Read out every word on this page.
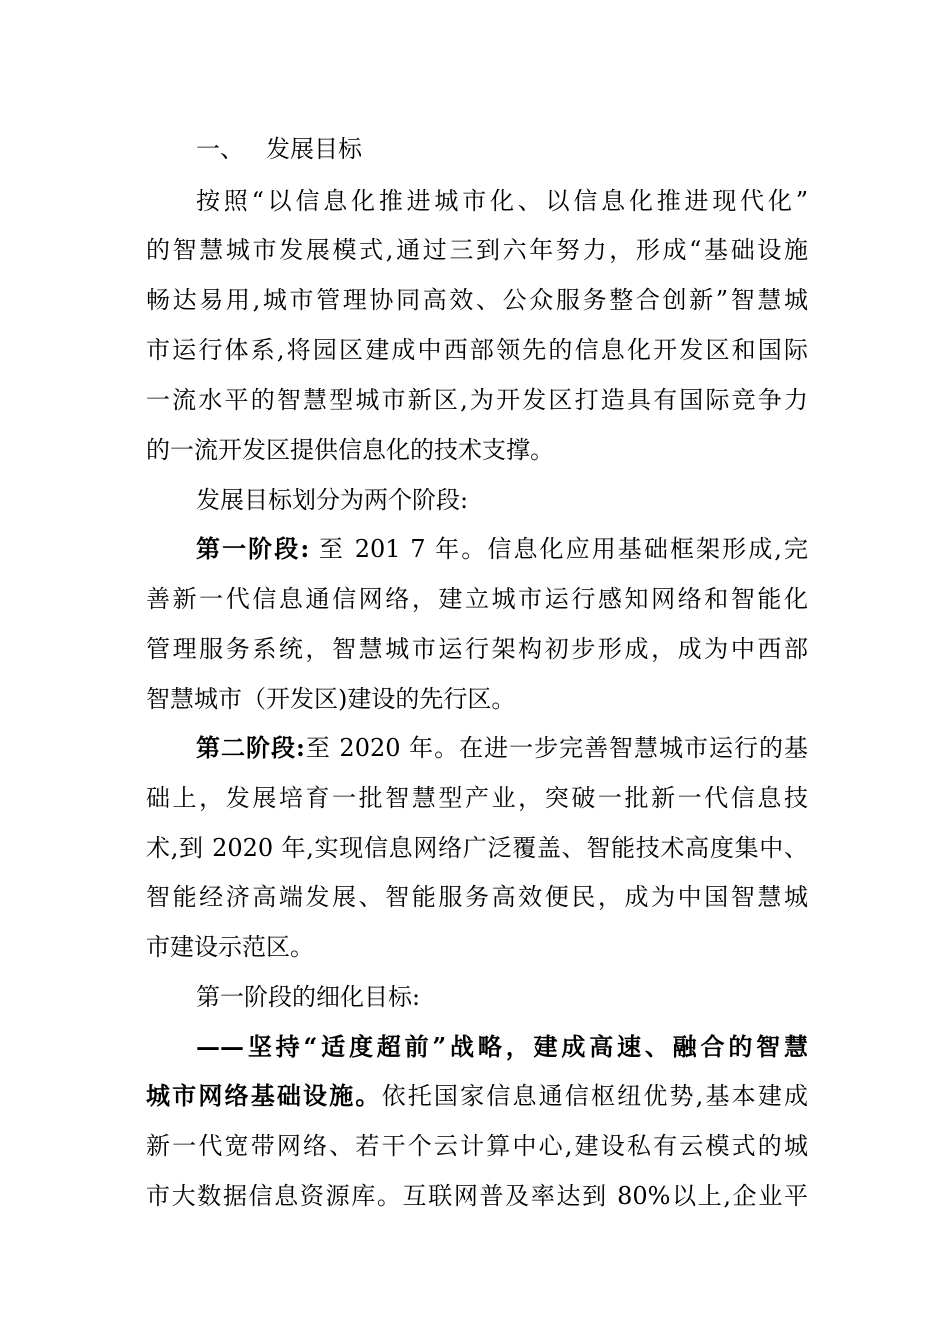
一、 发展目标
按照“以信息化推进城市化、以信息化推进现代化”
的智慧城市发展模式,通过三到六年努力，形成“基础设施
畅达易用,城市管理协同高效、公众服务整合创新”智慧城
市运行体系,将园区建成中西部领先的信息化开发区和国际
一流水平的智慧型城市新区,为开发区打造具有国际竞争力
的一流开发区提供信息化的技术支撑。
发展目标划分为两个阶段:
第一阶段: 至 201 7 年。信息化应用基础框架形成,完
善新一代信息通信网络，建立城市运行感知网络和智能化
管理服务系统，智慧城市运行架构初步形成，成为中西部
智慧城市（开发区)建设的先行区。
第二阶段:至 2020 年。在进一步完善智慧城市运行的基
础上，发展培育一批智慧型产业，突破一批新一代信息技
术,到 2020 年,实现信息网络广泛覆盖、智能技术高度集中、
智能经济高端发展、智能服务高效便民，成为中国智慧城
市建设示范区。
第一阶段的细化目标:
——坚持“适度超前”战略，建成高速、融合的智慧
城市网络基础设施。依托国家信息通信枢纽优势,基本建成
新一代宽带网络、若干个云计算中心,建设私有云模式的城
市大数据信息资源库。互联网普及率达到 80%以上,企业平
